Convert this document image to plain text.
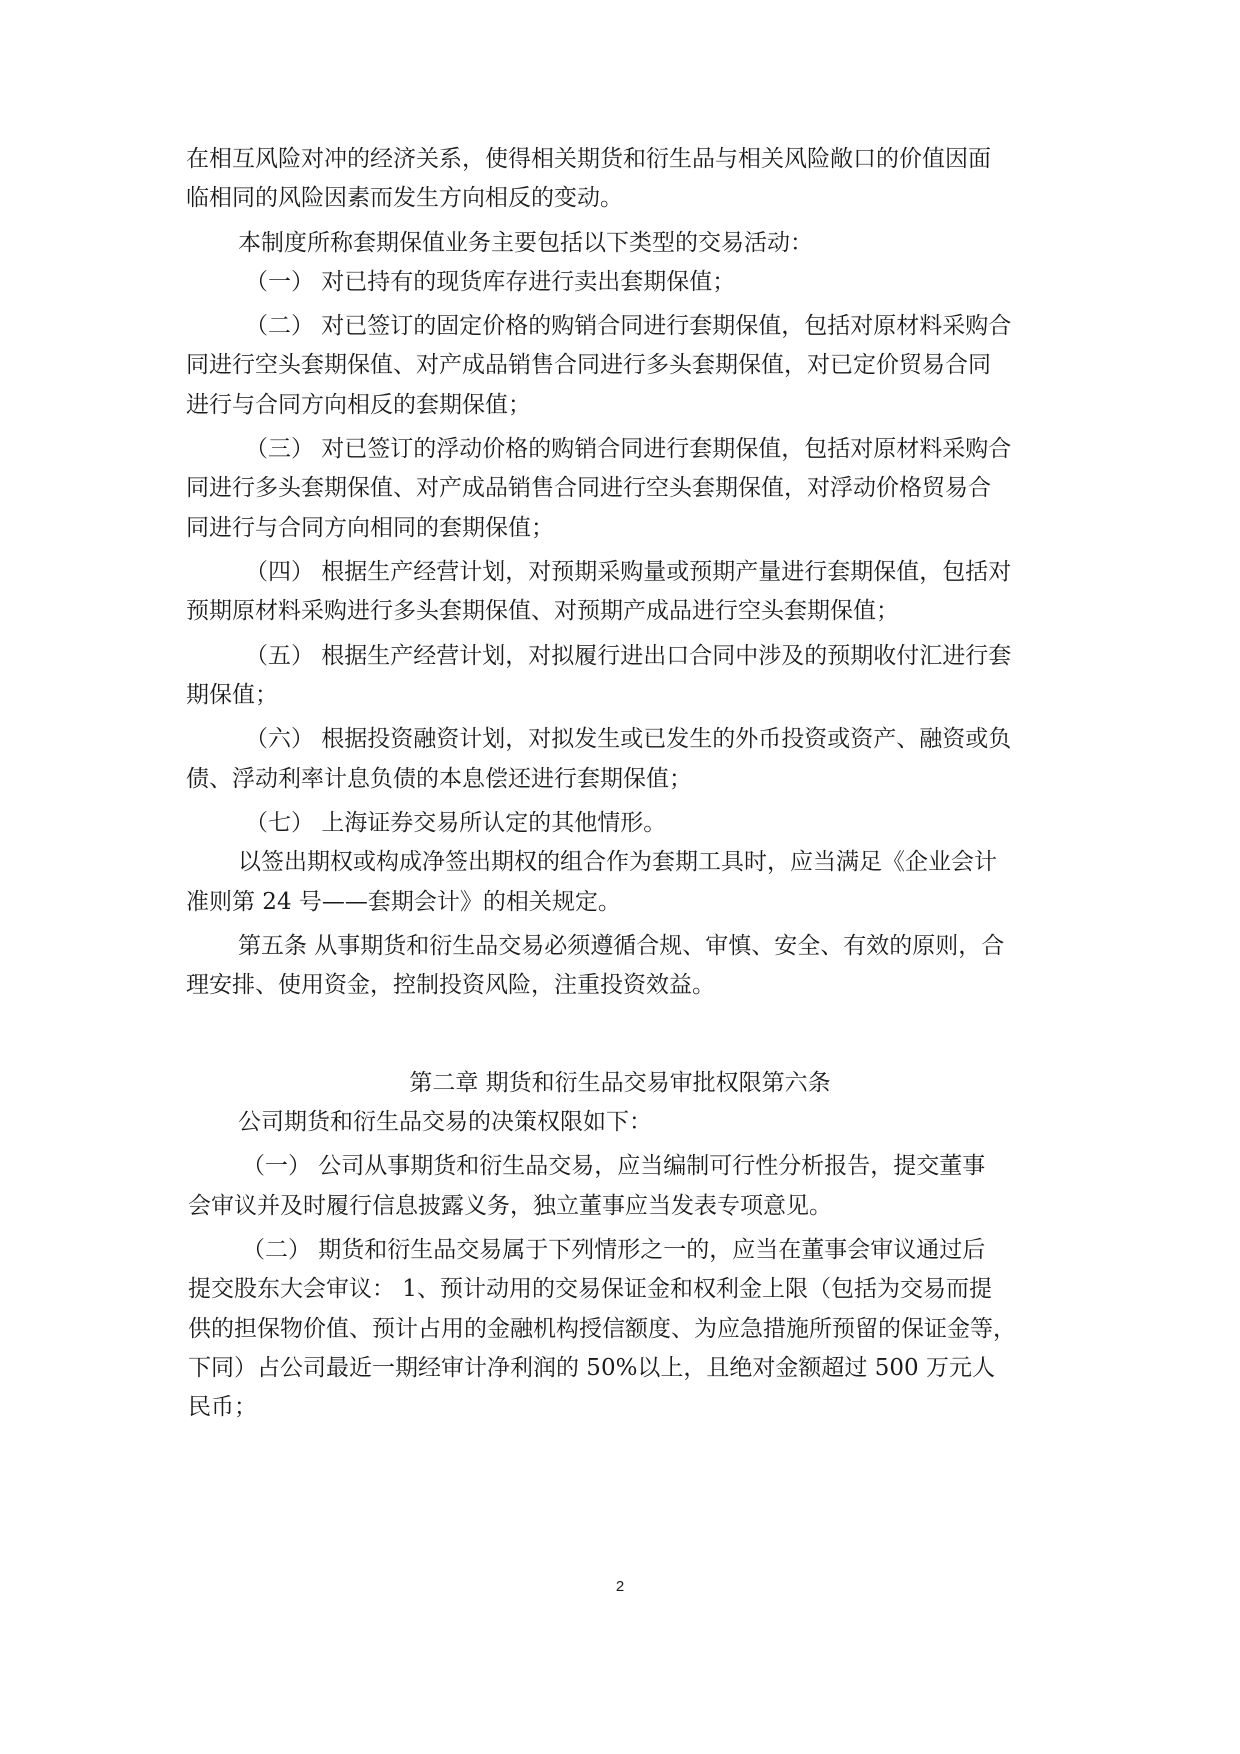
在相互风险对冲的经济关系，使得相关期货和衍生品与相关风险敞口的价值因面
临相同的风险因素而发生方向相反的变动。
本制度所称套期保值业务主要包括以下类型的交易活动：
（一） 对已持有的现货库存进行卖出套期保值；
（二） 对已签订的固定价格的购销合同进行套期保值，包括对原材料采购合
同进行空头套期保值、对产成品销售合同进行多头套期保值，对已定价贸易合同
进行与合同方向相反的套期保值；
（三） 对已签订的浮动价格的购销合同进行套期保值，包括对原材料采购合
同进行多头套期保值、对产成品销售合同进行空头套期保值，对浮动价格贸易合
同进行与合同方向相同的套期保值；
（四） 根据生产经营计划，对预期采购量或预期产量进行套期保值，包括对
预期原材料采购进行多头套期保值、对预期产成品进行空头套期保值；
（五） 根据生产经营计划，对拟履行进出口合同中涉及的预期收付汇进行套
期保值；
（六） 根据投资融资计划，对拟发生或已发生的外币投资或资产、融资或负
债、浮动利率计息负债的本息偿还进行套期保值；
（七） 上海证券交易所认定的其他情形。
以签出期权或构成净签出期权的组合作为套期工具时，应当满足《企业会计
准则第 24 号——套期会计》的相关规定。
第五条 从事期货和衍生品交易必须遵循合规、审慎、安全、有效的原则，合
理安排、使用资金，控制投资风险，注重投资效益。
第二章 期货和衍生品交易审批权限第六条
公司期货和衍生品交易的决策权限如下：
（一） 公司从事期货和衍生品交易，应当编制可行性分析报告，提交董事
会审议并及时履行信息披露义务，独立董事应当发表专项意见。
（二） 期货和衍生品交易属于下列情形之一的，应当在董事会审议通过后
提交股东大会审议： 1、预计动用的交易保证金和权利金上限（包括为交易而提
供的担保物价值、预计占用的金融机构授信额度、为应急措施所预留的保证金等，
下同）占公司最近一期经审计净利润的 50%以上，且绝对金额超过 500 万元人
民币；
2
